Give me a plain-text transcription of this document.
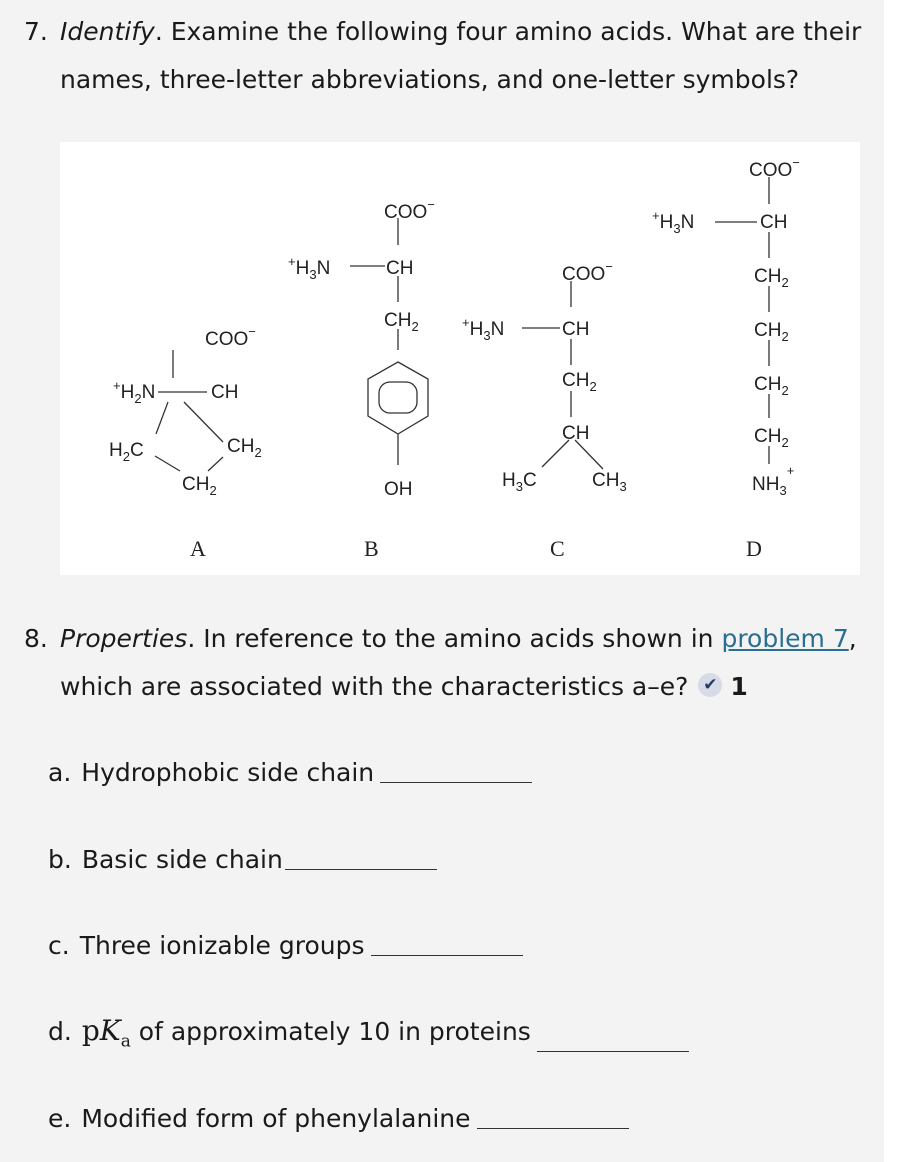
7. Identify. Examine the following four amino acids. What are their
names, three-letter abbreviations, and one-letter symbols?
COO−
$^+H_2N$	CH
$H_2C$	$CH_2$
$CH_2$
A
COO−
$^+H_3N$	CH
$CH_2$
OH
B
COO−
$^+H_3N$	CH
$CH_2$
CH
$H_3C$	$CH_3$
C
COO−
$^+H_3N$	CH
$CH_2$
$CH_2$
$CH_2$
$CH_2$
$NH_3^+$
D
8. Properties. In reference to the amino acids shown in problem 7,
which are associated with the characteristics a–e? ✔ 1
a. Hydrophobic side chain
b. Basic side chain
c. Three ionizable groups
d. $pK_a$ of approximately 10 in proteins
e. Modified form of phenylalanine
